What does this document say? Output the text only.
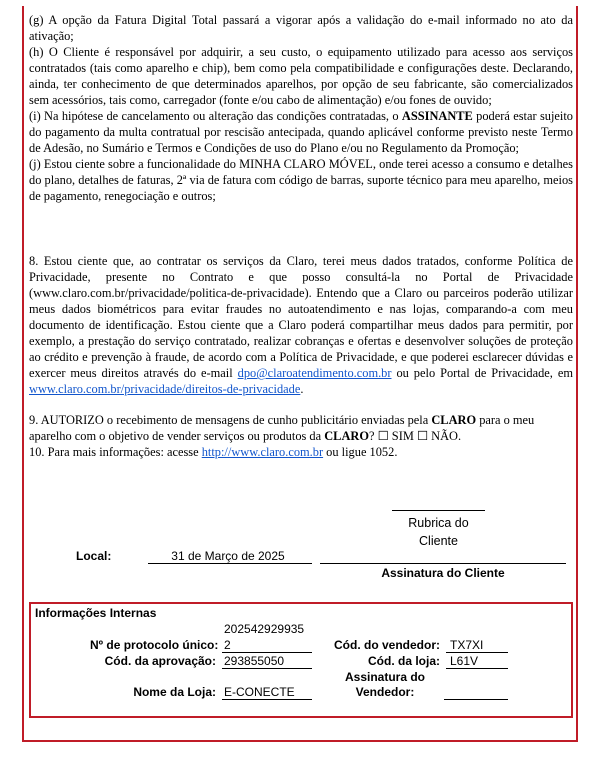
(g) A opção da Fatura Digital Total passará a vigorar após a validação do e-mail informado no ato da ativação;

(h) O Cliente é responsável por adquirir, a seu custo, o equipamento utilizado para acesso aos serviços contratados (tais como aparelho e chip), bem como pela compatibilidade e configurações deste. Declarando, ainda, ter conhecimento de que determinados aparelhos, por opção de seu fabricante, são comercializados sem acessórios, tais como, carregador (fonte e/ou cabo de alimentação) e/ou fones de ouvido;

(i) Na hipótese de cancelamento ou alteração das condições contratadas, o ASSINANTE poderá estar sujeito do pagamento da multa contratual por rescisão antecipada, quando aplicável conforme previsto neste Termo de Adesão, no Sumário e Termos e Condições de uso do Plano e/ou no Regulamento da Promoção;

(j) Estou ciente sobre a funcionalidade do MINHA CLARO MÓVEL, onde terei acesso a consumo e detalhes do plano, detalhes de faturas, 2ª via de fatura com código de barras, suporte técnico para meu aparelho, meios de pagamento, renegociação e outros;

8. Estou ciente que, ao contratar os serviços da Claro, terei meus dados tratados, conforme Política de Privacidade, presente no Contrato e que posso consultá-la no Portal de Privacidade (www.claro.com.br/privacidade/politica-de-privacidade). Entendo que a Claro ou parceiros poderão utilizar meus dados biométricos para evitar fraudes no autoatendimento e nas lojas, comparando-a com meu documento de identificação. Estou ciente que a Claro poderá compartilhar meus dados para permitir, por exemplo, a prestação do serviço contratado, realizar cobranças e ofertas e desenvolver soluções de proteção ao crédito e prevenção à fraude, de acordo com a Política de Privacidade, e que poderei esclarecer dúvidas e exercer meus direitos através do e-mail dpo@claroatendimento.com.br ou pelo Portal de Privacidade, em www.claro.com.br/privacidade/direitos-de-privacidade.

9. AUTORIZO o recebimento de mensagens de cunho publicitário enviadas pela CLARO para o meu aparelho com o objetivo de vender serviços ou produtos da CLARO? ☐ SIM ☐ NÃO.

10. Para mais informações: acesse http://www.claro.com.br ou ligue 1052.

Rubrica do
Cliente
Local:	31 de Março de 2025
Assinatura do Cliente
Informações Internas
202542929935
Nº de protocolo único: 2
Cód. da aprovação: 293855050
Nome da Loja: E-CONECTE
Cód. do vendedor: TX7XI
Cód. da loja: L61V
Assinatura do
Vendedor:
